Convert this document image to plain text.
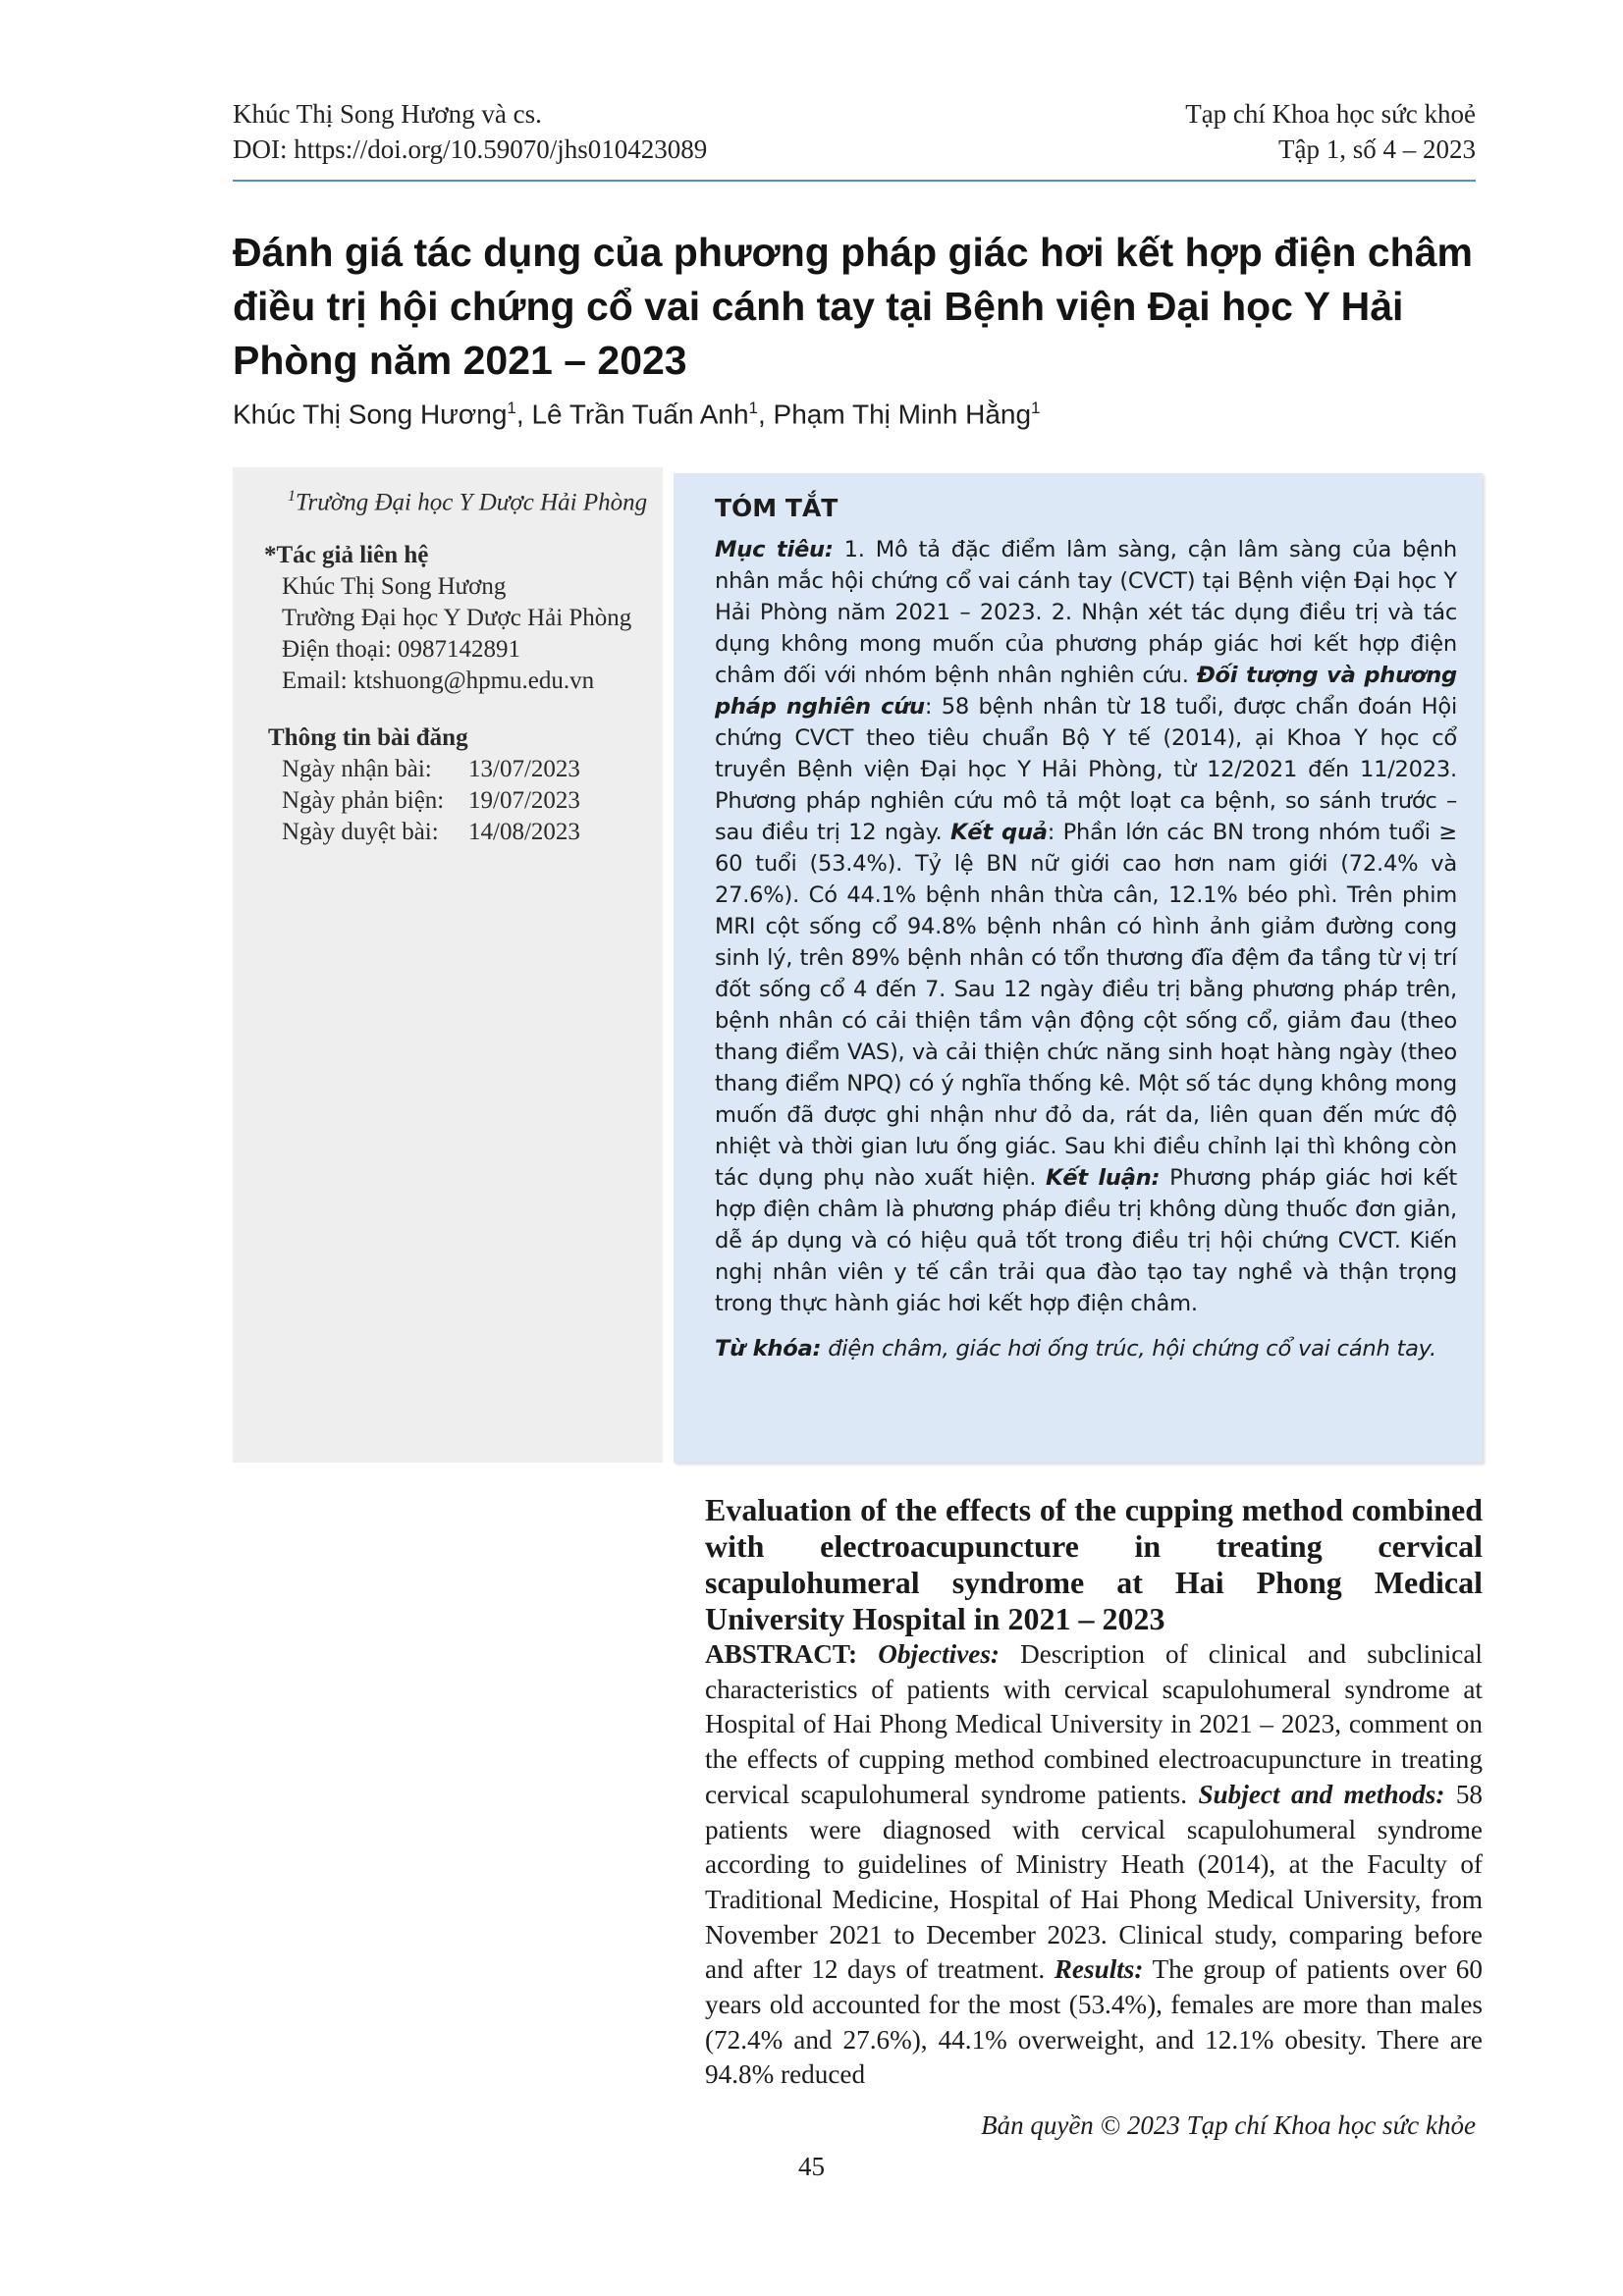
Khúc Thị Song Hương và cs.
DOI: https://doi.org/10.59070/jhs010423089
Tạp chí Khoa học sức khoẻ
Tập 1, số 4 – 2023
Đánh giá tác dụng của phương pháp giác hơi kết hợp điện châm điều trị hội chứng cổ vai cánh tay tại Bệnh viện Đại học Y Hải Phòng năm 2021 – 2023
Khúc Thị Song Hương$^1$, Lê Trần Tuấn Anh$^1$, Phạm Thị Minh Hằng$^1$
$^1$Trường Đại học Y Dược Hải Phòng
*Tác giả liên hệ
Khúc Thị Song Hương
Trường Đại học Y Dược Hải Phòng
Điện thoại: 0987142891
Email: ktshuong@hpmu.edu.vn
Thông tin bài đăng
Ngày nhận bài:	13/07/2023
Ngày phản biện: 19/07/2023
Ngày duyệt bài:	14/08/2023
TÓM TẮT

Mục tiêu: 1. Mô tả đặc điểm lâm sàng, cận lâm sàng của bệnh nhân mắc hội chứng cổ vai cánh tay (CVCT) tại Bệnh viện Đại học Y Hải Phòng năm 2021 – 2023. 2. Nhận xét tác dụng điều trị và tác dụng không mong muốn của phương pháp giác hơi kết hợp điện châm đối với nhóm bệnh nhân nghiên cứu. Đối tượng và phương pháp nghiên cứu: 58 bệnh nhân từ 18 tuổi, được chẩn đoán Hội chứng CVCT theo tiêu chuẩn Bộ Y tế (2014), ại Khoa Y học cổ truyền Bệnh viện Đại học Y Hải Phòng, từ 12/2021 đến 11/2023. Phương pháp nghiên cứu mô tả một loạt ca bệnh, so sánh trước – sau điều trị 12 ngày. Kết quả: Phần lớn các BN trong nhóm tuổi ≥ 60 tuổi (53.4%). Tỷ lệ BN nữ giới cao hơn nam giới (72.4% và 27.6%). Có 44.1% bệnh nhân thừa cân, 12.1% béo phì. Trên phim MRI cột sống cổ 94.8% bệnh nhân có hình ảnh giảm đường cong sinh lý, trên 89% bệnh nhân có tổn thương đĩa đệm đa tầng từ vị trí đốt sống cổ 4 đến 7. Sau 12 ngày điều trị bằng phương pháp trên, bệnh nhân có cải thiện tầm vận động cột sống cổ, giảm đau (theo thang điểm VAS), và cải thiện chức năng sinh hoạt hàng ngày (theo thang điểm NPQ) có ý nghĩa thống kê. Một số tác dụng không mong muốn đã được ghi nhận như đỏ da, rát da, liên quan đến mức độ nhiệt và thời gian lưu ống giác. Sau khi điều chỉnh lại thì không còn tác dụng phụ nào xuất hiện. Kết luận: Phương pháp giác hơi kết hợp điện châm là phương pháp điều trị không dùng thuốc đơn giản, dễ áp dụng và có hiệu quả tốt trong điều trị hội chứng CVCT. Kiến nghị nhân viên y tế cần trải qua đào tạo tay nghề và thận trọng trong thực hành giác hơi kết hợp điện châm.

Từ khóa: điện châm, giác hơi ống trúc, hội chứng cổ vai cánh tay.

Evaluation of the effects of the cupping method combined with electroacupuncture in treating cervical scapulohumeral syndrome at Hai Phong Medical University Hospital in 2021 – 2023

ABSTRACT: Objectives: Description of clinical and subclinical characteristics of patients with cervical scapulohumeral syndrome at Hospital of Hai Phong Medical University in 2021 – 2023, comment on the effects of cupping method combined electroacupuncture in treating cervical scapulohumeral syndrome patients. Subject and methods: 58 patients were diagnosed with cervical scapulohumeral syndrome according to guidelines of Ministry Heath (2014), at the Faculty of Traditional Medicine, Hospital of Hai Phong Medical University, from November 2021 to December 2023. Clinical study, comparing before and after 12 days of treatment. Results: The group of patients over 60 years old accounted for the most (53.4%), females are more than males (72.4% and 27.6%), 44.1% overweight, and 12.1% obesity. There are 94.8% reduced

Bản quyền © 2023 Tạp chí Khoa học sức khỏe
45
